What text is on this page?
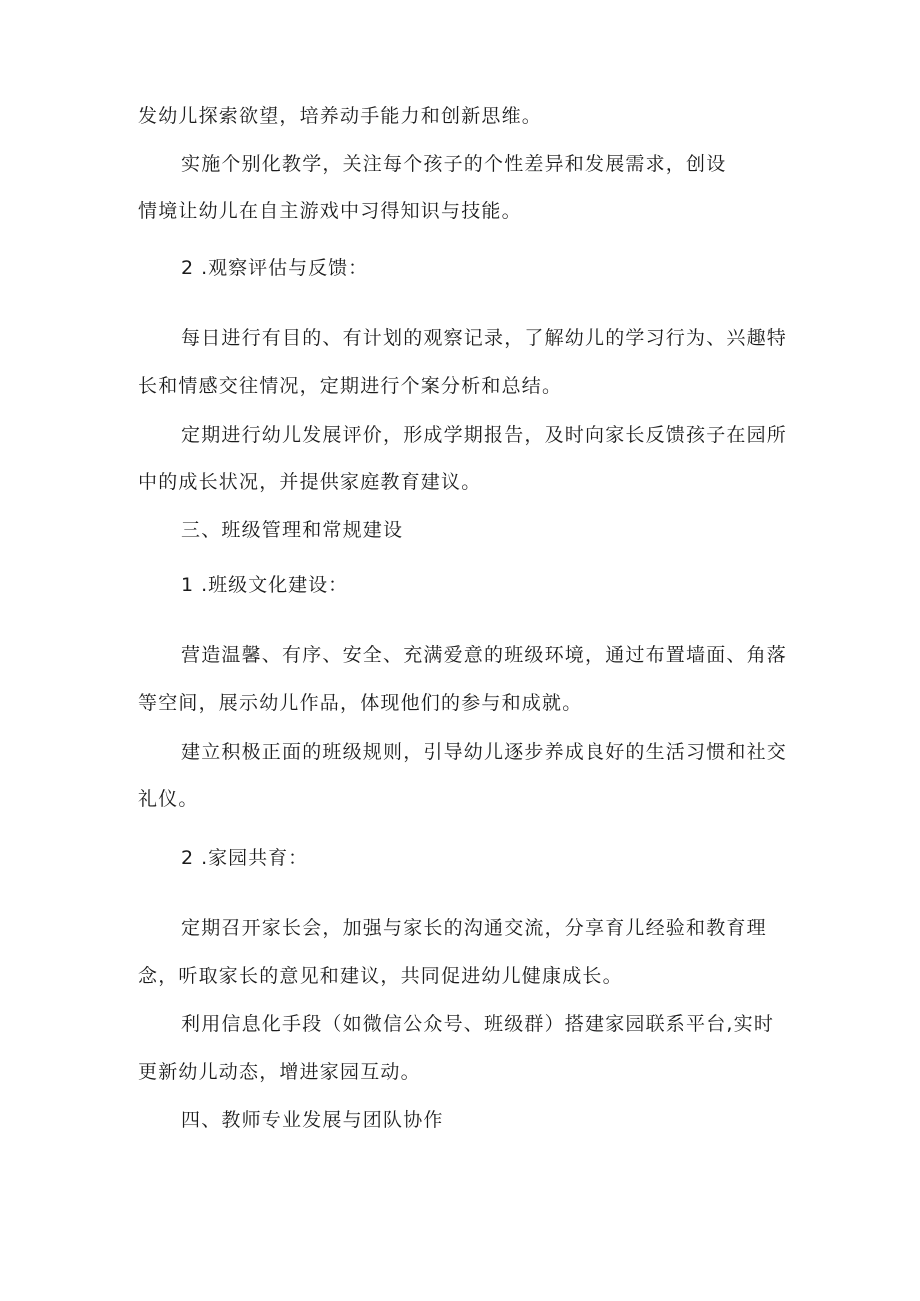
发幼儿探索欲望，培养动手能力和创新思维。
实施个别化教学，关注每个孩子的个性差异和发展需求，创设
情境让幼儿在自主游戏中习得知识与技能。
2 .观察评估与反馈：
每日进行有目的、有计划的观察记录，了解幼儿的学习行为、兴趣特
长和情感交往情况，定期进行个案分析和总结。
定期进行幼儿发展评价，形成学期报告，及时向家长反馈孩子在园所
中的成长状况，并提供家庭教育建议。
三、班级管理和常规建设
1 .班级文化建设：
营造温馨、有序、安全、充满爱意的班级环境，通过布置墙面、角落
等空间，展示幼儿作品，体现他们的参与和成就。
建立积极正面的班级规则，引导幼儿逐步养成良好的生活习惯和社交
礼仪。
2 .家园共育：
定期召开家长会，加强与家长的沟通交流，分享育儿经验和教育理
念，听取家长的意见和建议，共同促进幼儿健康成长。
利用信息化手段（如微信公众号、班级群）搭建家园联系平台,实时
更新幼儿动态，增进家园互动。
四、教师专业发展与团队协作
